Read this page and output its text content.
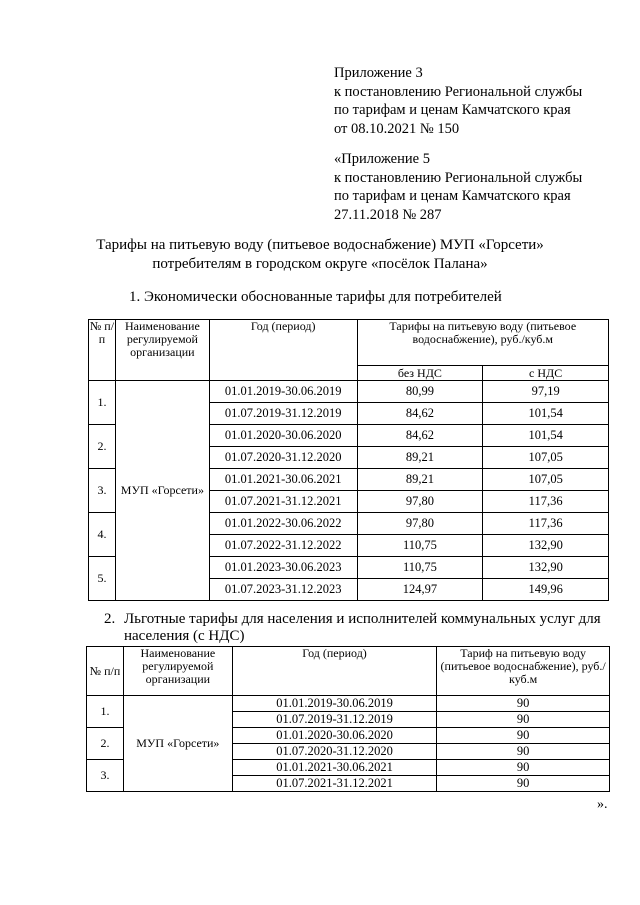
Приложение 3
к постановлению Региональной службы
по тарифам и ценам Камчатского края
от 08.10.2021 № 150
«Приложение 5
к постановлению Региональной службы
по тарифам и ценам Камчатского края
27.11.2018 № 287
Тарифы на питьевую воду (питьевое водоснабжение) МУП «Горсети»
потребителям в городском округе «посёлок Палана»
1. Экономически обоснованные тарифы для потребителей
№ п/п	Наименование регулируемой организации	Год (период)	Тарифы на питьевую воду (питьевое водоснабжение), руб./куб.м	
			без НДС	с НДС
1.	МУП «Горсети»	01.01.2019-30.06.2019	80,99	97,19
		01.07.2019-31.12.2019	84,62	101,54
2.		01.01.2020-30.06.2020	84,62	101,54
		01.07.2020-31.12.2020	89,21	107,05
3.		01.01.2021-30.06.2021	89,21	107,05
		01.07.2021-31.12.2021	97,80	117,36
4.		01.01.2022-30.06.2022	97,80	117,36
		01.07.2022-31.12.2022	110,75	132,90
5.		01.01.2023-30.06.2023	110,75	132,90
		01.07.2023-31.12.2023	124,97	149,96
2. Льготные тарифы для населения и исполнителей коммунальных услуг для населения (с НДС)
№ п/п	Наименование регулируемой организации	Год (период)	Тариф на питьевую воду (питьевое водоснабжение), руб./куб.м
1.	МУП «Горсети»	01.01.2019-30.06.2019	90
		01.07.2019-31.12.2019	90
2.		01.01.2020-30.06.2020	90
		01.07.2020-31.12.2020	90
3.		01.01.2021-30.06.2021	90
		01.07.2021-31.12.2021	90
».
